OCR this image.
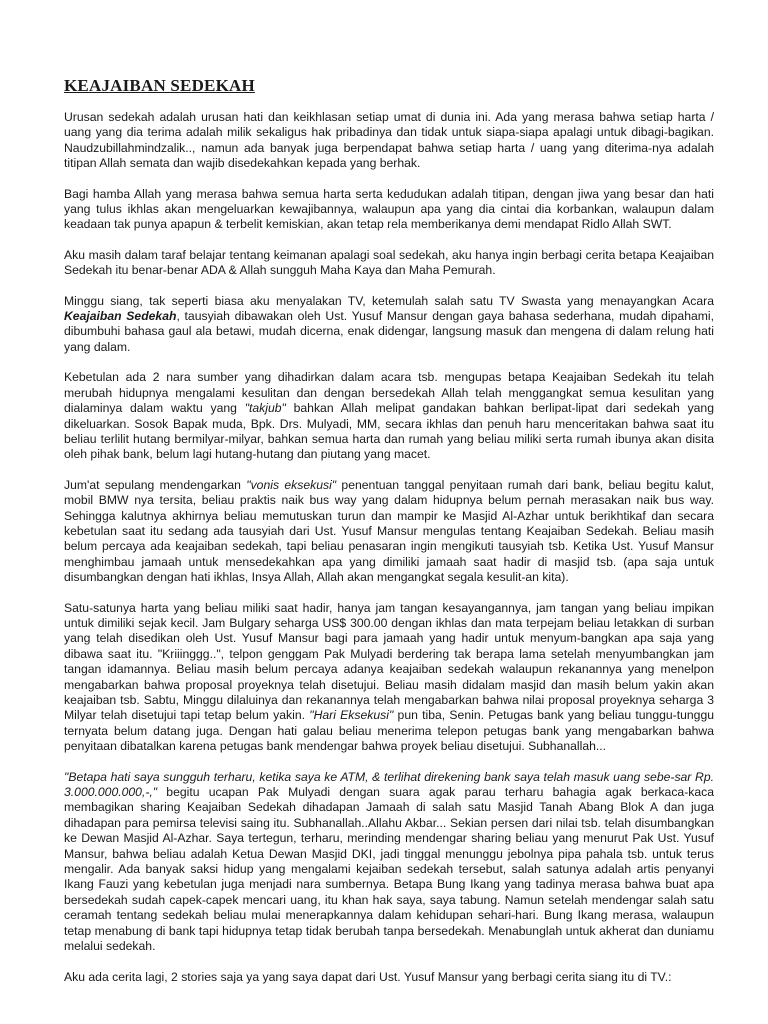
KEAJAIBAN SEDEKAH

Urusan sedekah adalah urusan hati dan keikhlasan setiap umat di dunia ini. Ada yang merasa bahwa setiap harta / uang yang dia terima adalah milik sekaligus hak pribadinya dan tidak untuk siapa-siapa apalagi untuk dibagi-bagikan. Naudzubillahmindzalik.., namun ada banyak juga berpendapat bahwa setiap harta / uang yang diterima-nya adalah titipan Allah semata dan wajib disedekahkan kepada yang berhak.

Bagi hamba Allah yang merasa bahwa semua harta serta kedudukan adalah titipan, dengan jiwa yang besar dan hati yang tulus ikhlas akan mengeluarkan kewajibannya, walaupun apa yang dia cintai dia korbankan, walaupun dalam keadaan tak punya apapun & terbelit kemiskian, akan tetap rela memberikanya demi mendapat Ridlo Allah SWT.

Aku masih dalam taraf belajar tentang keimanan apalagi soal sedekah, aku hanya ingin berbagi cerita betapa Keajaiban Sedekah itu benar-benar ADA & Allah sungguh Maha Kaya dan Maha Pemurah.

Minggu siang, tak seperti biasa aku menyalakan TV, ketemulah salah satu TV Swasta yang menayangkan Acara Keajaiban Sedekah, tausyiah dibawakan oleh Ust. Yusuf Mansur dengan gaya bahasa sederhana, mudah dipahami, dibumbuhi bahasa gaul ala betawi, mudah dicerna, enak didengar, langsung masuk dan mengena di dalam relung hati yang dalam.

Kebetulan ada 2 nara sumber yang dihadirkan dalam acara tsb. mengupas betapa Keajaiban Sedekah itu telah merubah hidupnya mengalami kesulitan dan dengan bersedekah Allah telah menggangkat semua kesulitan yang dialaminya dalam waktu yang "takjub" bahkan Allah melipat gandakan bahkan berlipat-lipat dari sedekah yang dikeluarkan. Sosok Bapak muda, Bpk. Drs. Mulyadi, MM, secara ikhlas dan penuh haru menceritakan bahwa saat itu beliau terlilit hutang bermilyar-milyar, bahkan semua harta dan rumah yang beliau miliki serta rumah ibunya akan disita oleh pihak bank, belum lagi hutang-hutang dan piutang yang macet.

Jum'at sepulang mendengarkan "vonis eksekusi" penentuan tanggal penyitaan rumah dari bank, beliau begitu kalut, mobil BMW nya tersita, beliau praktis naik bus way yang dalam hidupnya belum pernah merasakan naik bus way. Sehingga kalutnya akhirnya beliau memutuskan turun dan mampir ke Masjid Al-Azhar untuk berikhtikaf dan secara kebetulan saat itu sedang ada tausyiah dari Ust. Yusuf Mansur mengulas tentang Keajaiban Sedekah. Beliau masih belum percaya ada keajaiban sedekah, tapi beliau penasaran ingin mengikuti tausyiah tsb. Ketika Ust. Yusuf Mansur menghimbau jamaah untuk mensedekahkan apa yang dimiliki jamaah saat hadir di masjid tsb. (apa saja untuk disumbangkan dengan hati ikhlas, Insya Allah, Allah akan mengangkat segala kesulit-an kita).

Satu-satunya harta yang beliau miliki saat hadir, hanya jam tangan kesayangannya, jam tangan yang beliau impikan untuk dimiliki sejak kecil. Jam Bulgary seharga US$ 300.00 dengan ikhlas dan mata terpejam beliau letakkan di surban yang telah disedikan oleh Ust. Yusuf Mansur bagi para jamaah yang hadir untuk menyum-bangkan apa saja yang dibawa saat itu. "Kriiinggg..", telpon genggam Pak Mulyadi berdering tak berapa lama setelah menyumbangkan jam tangan idamannya. Beliau masih belum percaya adanya keajaiban sedekah walaupun rekanannya yang menelpon mengabarkan bahwa proposal proyeknya telah disetujui. Beliau masih didalam masjid dan masih belum yakin akan keajaiban tsb. Sabtu, Minggu dilaluinya dan rekanannya telah mengabarkan bahwa nilai proposal proyeknya seharga 3 Milyar telah disetujui tapi tetap belum yakin. "Hari Eksekusi" pun tiba, Senin. Petugas bank yang beliau tunggu-tunggu ternyata belum datang juga. Dengan hati galau beliau menerima telepon petugas bank yang mengabarkan bahwa penyitaan dibatalkan karena petugas bank mendengar bahwa proyek beliau disetujui. Subhanallah...

"Betapa hati saya sungguh terharu, ketika saya ke ATM, & terlihat direkening bank saya telah masuk uang sebe-sar Rp. 3.000.000.000,-," begitu ucapan Pak Mulyadi dengan suara agak parau terharu bahagia agak berkaca-kaca membagikan sharing Keajaiban Sedekah dihadapan Jamaah di salah satu Masjid Tanah Abang Blok A dan juga dihadapan para pemirsa televisi saing itu. Subhanallah..Allahu Akbar... Sekian persen dari nilai tsb. telah disumbangkan ke Dewan Masjid Al-Azhar. Saya tertegun, terharu, merinding mendengar sharing beliau yang menurut Pak Ust. Yusuf Mansur, bahwa beliau adalah Ketua Dewan Masjid DKI, jadi tinggal menunggu jebolnya pipa pahala tsb. untuk terus mengalir. Ada banyak saksi hidup yang mengalami kejaiban sedekah tersebut, salah satunya adalah artis penyanyi Ikang Fauzi yang kebetulan juga menjadi nara sumbernya. Betapa Bung Ikang yang tadinya merasa bahwa buat apa bersedekah sudah capek-capek mencari uang, itu khan hak saya, saya tabung. Namun setelah mendengar salah satu ceramah tentang sedekah beliau mulai menerapkannya dalam kehidupan sehari-hari. Bung Ikang merasa, walaupun tetap menabung di bank tapi hidupnya tetap tidak berubah tanpa bersedekah. Menabunglah untuk akherat dan duniamu melalui sedekah.

Aku ada cerita lagi, 2 stories saja ya yang saya dapat dari Ust. Yusuf Mansur yang berbagi cerita siang itu di TV.:
